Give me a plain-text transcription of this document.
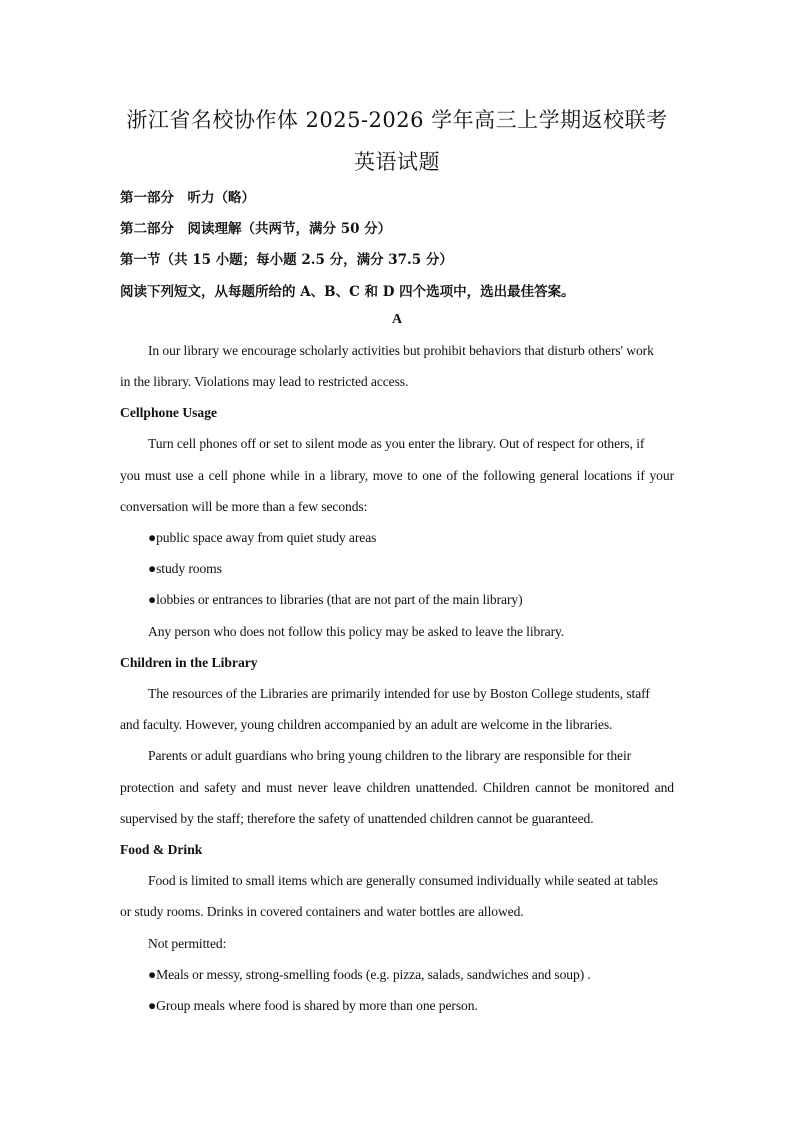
浙江省名校协作体 2025-2026 学年高三上学期返校联考
英语试题
第一部分　听力（略）
第二部分　阅读理解（共两节，满分 50 分）
第一节（共 15 小题；每小题 2.5 分，满分 37.5 分）
阅读下列短文，从每题所给的 A、B、C 和 D 四个选项中，选出最佳答案。
A
In our library we encourage scholarly activities but prohibit behaviors that disturb others' work
in the library. Violations may lead to restricted access.
Cellphone Usage
Turn cell phones off or set to silent mode as you enter the library. Out of respect for others, if
you must use a cell phone while in a library, move to one of the following general locations if your
conversation will be more than a few seconds:
●public space away from quiet study areas
●study rooms
●lobbies or entrances to libraries (that are not part of the main library)
Any person who does not follow this policy may be asked to leave the library.
Children in the Library
The resources of the Libraries are primarily intended for use by Boston College students, staff
and faculty. However, young children accompanied by an adult are welcome in the libraries.
Parents or adult guardians who bring young children to the library are responsible for their
protection and safety and must never leave children unattended. Children cannot be monitored and
supervised by the staff; therefore the safety of unattended children cannot be guaranteed.
Food & Drink
Food is limited to small items which are generally consumed individually while seated at tables
or study rooms. Drinks in covered containers and water bottles are allowed.
Not permitted:
●Meals or messy, strong-smelling foods (e.g. pizza, salads, sandwiches and soup) .
●Group meals where food is shared by more than one person.
